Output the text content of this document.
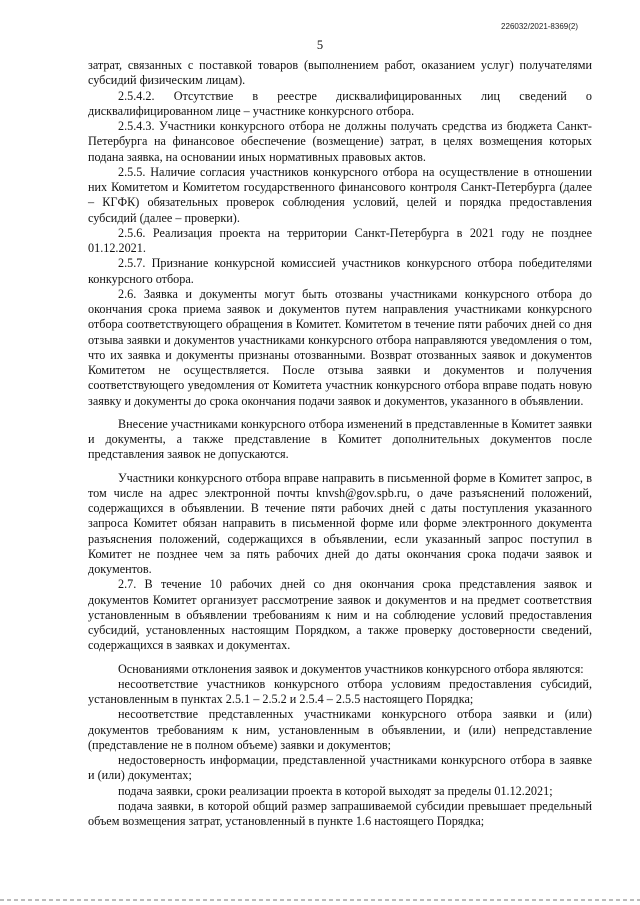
226032/2021-8369(2)
5

затрат, связанных с поставкой товаров (выполнением работ, оказанием услуг) получателями субсидий физическим лицам).

2.5.4.2. Отсутствие в реестре дисквалифицированных лиц сведений о дисквалифицированном лице – участнике конкурсного отбора.

2.5.4.3. Участники конкурсного отбора не должны получать средства из бюджета Санкт-Петербурга на финансовое обеспечение (возмещение) затрат, в целях возмещения которых подана заявка, на основании иных нормативных правовых актов.

2.5.5. Наличие согласия участников конкурсного отбора на осуществление в отношении них Комитетом и Комитетом государственного финансового контроля Санкт-Петербурга (далее – КГФК) обязательных проверок соблюдения условий, целей и порядка предоставления субсидий (далее – проверки).

2.5.6. Реализация проекта на территории Санкт-Петербурга в 2021 году не позднее 01.12.2021.

2.5.7. Признание конкурсной комиссией участников конкурсного отбора победителями конкурсного отбора.

2.6. Заявка и документы могут быть отозваны участниками конкурсного отбора до окончания срока приема заявок и документов путем направления участниками конкурсного отбора соответствующего обращения в Комитет. Комитетом в течение пяти рабочих дней со дня отзыва заявки и документов участниками конкурсного отбора направляются уведомления о том, что их заявка и документы признаны отозванными. Возврат отозванных заявок и документов Комитетом не осуществляется. После отзыва заявки и документов и получения соответствующего уведомления от Комитета участник конкурсного отбора вправе подать новую заявку и документы до срока окончания подачи заявок и документов, указанного в объявлении.

Внесение участниками конкурсного отбора изменений в представленные в Комитет заявки и документы, а также представление в Комитет дополнительных документов после представления заявок не допускаются.

Участники конкурсного отбора вправе направить в письменной форме в Комитет запрос, в том числе на адрес электронной почты knvsh@gov.spb.ru, о даче разъяснений положений, содержащихся в объявлении. В течение пяти рабочих дней с даты поступления указанного запроса Комитет обязан направить в письменной форме или форме электронного документа разъяснения положений, содержащихся в объявлении, если указанный запрос поступил в Комитет не позднее чем за пять рабочих дней до даты окончания срока подачи заявок и документов.

2.7. В течение 10 рабочих дней со дня окончания срока представления заявок и документов Комитет организует рассмотрение заявок и документов и на предмет соответствия установленным в объявлении требованиям к ним и на соблюдение условий предоставления субсидий, установленных настоящим Порядком, а также проверку достоверности сведений, содержащихся в заявках и документах.

Основаниями отклонения заявок и документов участников конкурсного отбора являются:

несоответствие участников конкурсного отбора условиям предоставления субсидий, установленным в пунктах 2.5.1 – 2.5.2 и 2.5.4 – 2.5.5 настоящего Порядка;

несоответствие представленных участниками конкурсного отбора заявки и (или) документов требованиям к ним, установленным в объявлении, и (или) непредставление (представление не в полном объеме) заявки и документов;

недостоверность информации, представленной участниками конкурсного отбора в заявке и (или) документах;

подача заявки, сроки реализации проекта в которой выходят за пределы 01.12.2021;

подача заявки, в которой общий размер запрашиваемой субсидии превышает предельный объем возмещения затрат, установленный в пункте 1.6 настоящего Порядка;
